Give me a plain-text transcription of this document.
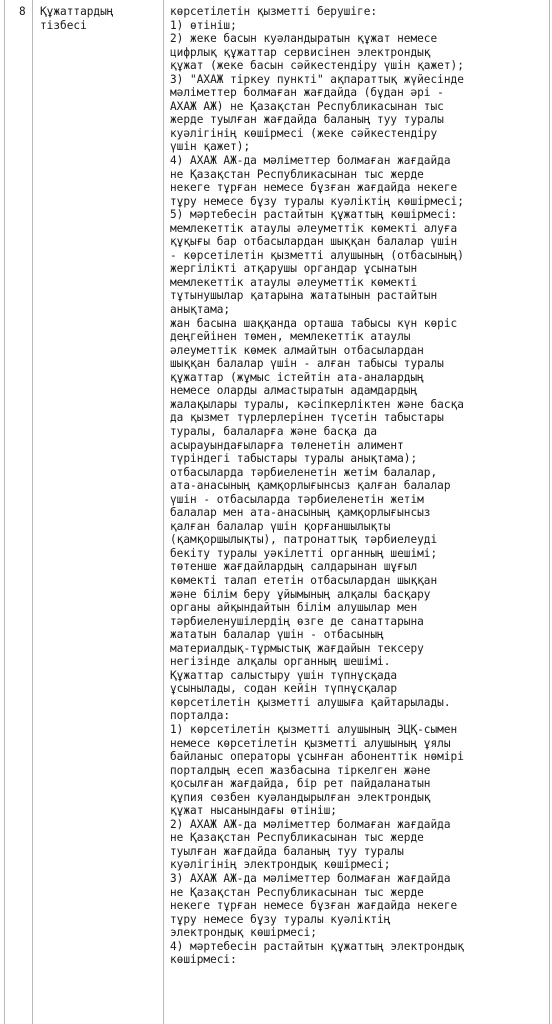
8 Құжаттардың
тізбесі
көрсетілетін қызметті берушіге:
1) өтініш;
2) жеке басын куәландыратын құжат немесе
цифрлық құжаттар сервисінен электрондық
құжат (жеке басын сәйкестендіру үшін қажет);
3) "АХАЖ тіркеу пункті" ақпараттық жүйесінде
мәліметтер болмаған жағдайда (бұдан әрі -
АХАЖ АЖ) не Қазақстан Республикасынан тыс
жерде туылған жағдайда баланың туу туралы
куәлігінің көшірмесі (жеке сәйкестендіру
үшін қажет);
4) АХАЖ АЖ-да мәліметтер болмаған жағдайда
не Қазақстан Республикасынан тыс жерде
некеге тұрған немесе бұзған жағдайда некеге
тұру немесе бұзу туралы куәліктің көшірмесі;
5) мәртебесін растайтын құжаттың көшірмесі:
мемлекеттік атаулы әлеуметтік көмекті алуға
құқығы бар отбасылардан шыққан балалар үшін
- көрсетілетін қызметті алушының (отбасының)
жергілікті атқарушы органдар ұсынатын
мемлекеттік атаулы әлеуметтік көмекті
тұтынушылар қатарына жататынын растайтын
анықтама;
жан басына шаққанда орташа табысы күн көріс
деңгейінен төмен, мемлекеттік атаулы
әлеуметтік көмек алмайтын отбасылардан
шыққан балалар үшін - алған табысы туралы
құжаттар (жұмыс істейтін ата-аналардың
немесе оларды алмастыратын адамдардың
жалақылары туралы, кәсіпкерліктен және басқа
да қызмет түрлерлерінен түсетін табыстары
туралы, балаларға және басқа да
асырауындағыларға төленетін алимент
түріндегі табыстары туралы анықтама);
отбасыларда тәрбиеленетін жетім балалар,
ата-анасының қамқорлығынсыз қалған балалар
үшін - отбасыларда тәрбиеленетін жетім
балалар мен ата-анасының қамқорлығынсыз
қалған балалар үшін қорғаншылықты
(қамқоршылықты), патронаттық тәрбиелеуді
бекіту туралы уәкілетті органның шешімі;
төтенше жағдайлардың салдарынан шұғыл
көмекті талап ететін отбасылардан шыққан
және білім беру ұйымының алқалы басқару
органы айқындайтын білім алушылар мен
тәрбиеленушілердің өзге де санаттарына
жататын балалар үшін - отбасының
материалдық-тұрмыстық жағдайын тексеру
негізінде алқалы органның шешімі.
Құжаттар салыстыру үшін түпнұсқада
ұсынылады, содан кейін түпнұсқалар
көрсетілетін қызметті алушыға қайтарылады.
порталда:
1) көрсетілетін қызметті алушының ЭЦҚ-сымен
немесе көрсетілетін қызметті алушының ұялы
байланыс операторы ұсынған абоненттік нөмірі
порталдың есеп жазбасына тіркелген және
қосылған жағдайда, бір рет пайдаланатын
құпия сөзбен куәландырылған электрондық
құжат нысанындағы өтініш;
2) АХАЖ АЖ-да мәліметтер болмаған жағдайда
не Қазақстан Республикасынан тыс жерде
туылған жағдайда баланың туу туралы
куәлігінің электрондық көшірмесі;
3) АХАЖ АЖ-да мәліметтер болмаған жағдайда
не Қазақстан Республикасынан тыс жерде
некеге тұрған немесе бұзған жағдайда некеге
тұру немесе бұзу туралы куәліктің
электрондық көшірмесі;
4) мәртебесін растайтын құжаттың электрондық
көшірмесі:
